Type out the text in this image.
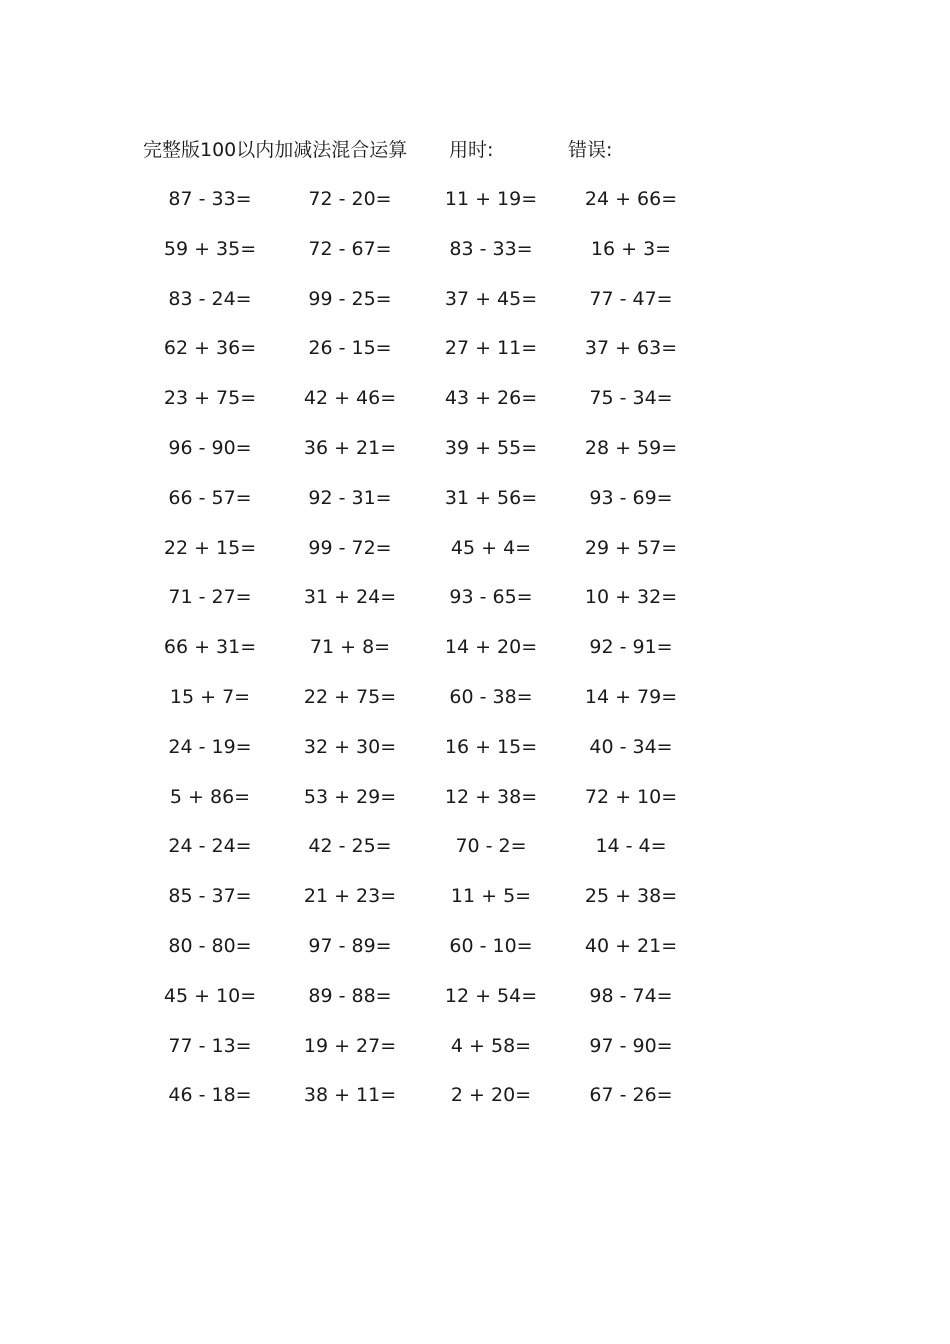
完整版100以内加减法混合运算 用时:	错误:
87 - 33=	72 - 20=	11 + 19=	24 + 66=
59 + 35=	72 - 67=	83 - 33=	16 + 3=
83 - 24=	99 - 25=	37 + 45=	77 - 47=
62 + 36=	26 - 15=	27 + 11=	37 + 63=
23 + 75=	42 + 46=	43 + 26=	75 - 34=
96 - 90=	36 + 21=	39 + 55=	28 + 59=
66 - 57=	92 - 31=	31 + 56=	93 - 69=
22 + 15=	99 - 72=	45 + 4=	29 + 57=
71 - 27=	31 + 24=	93 - 65=	10 + 32=
66 + 31=	71 + 8=	14 + 20=	92 - 91=
15 + 7=	22 + 75=	60 - 38=	14 + 79=
24 - 19=	32 + 30=	16 + 15=	40 - 34=
5 + 86=	53 + 29=	12 + 38=	72 + 10=
24 - 24=	42 - 25=	70 - 2=	14 - 4=
85 - 37=	21 + 23=	11 + 5=	25 + 38=
80 - 80=	97 - 89=	60 - 10=	40 + 21=
45 + 10=	89 - 88=	12 + 54=	98 - 74=
77 - 13=	19 + 27=	4 + 58=	97 - 90=
46 - 18=	38 + 11=	2 + 20=	67 - 26=
